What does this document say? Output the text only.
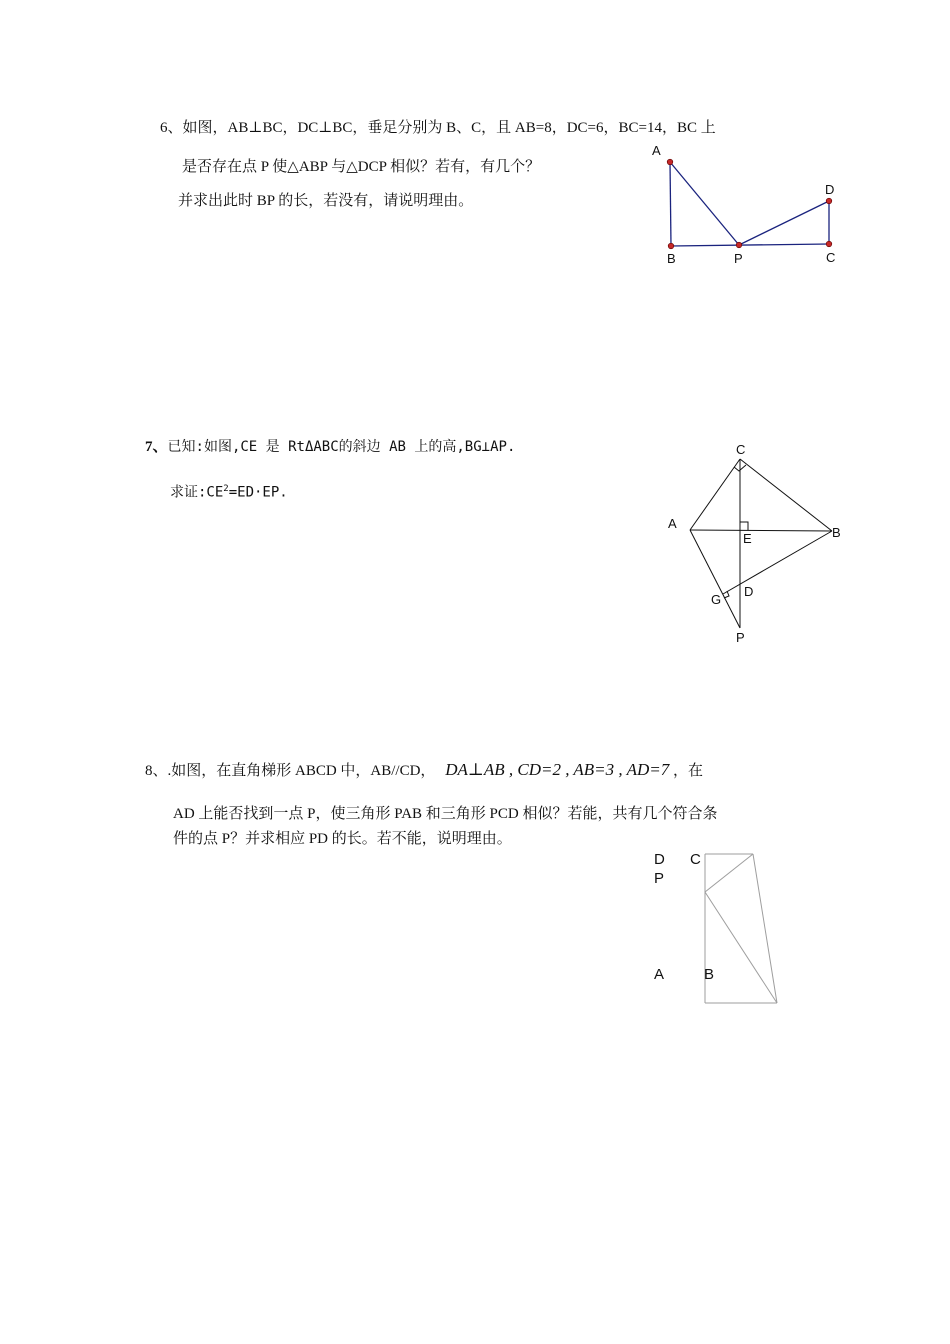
6、如图，AB⊥BC，DC⊥BC，垂足分别为 B、C，且 AB=8，DC=6，BC=14，BC 上
是否存在点 P 使△ABP 与△DCP 相似？若有，有几个？
并求出此时 BP 的长，若没有，请说明理由。
A
B	P	C
D
7、已知:如图,CE 是 RtΔABC的斜边 AB 上的高,BG⊥AP.
求证$:CE^2=ED\cdot EP$.
C
A
E	B
D
G
P
8、.如图，在直角梯形 ABCD 中，AB//CD， DA⊥AB , CD=2 , AB=3 , AD=7 ，在
AD 上能否找到一点 P，使三角形 PAB 和三角形 PCD 相似？若能，共有几个符合条
件的点 P？并求相应 PD 的长。若不能，说明理由。
D C
P
A	B
